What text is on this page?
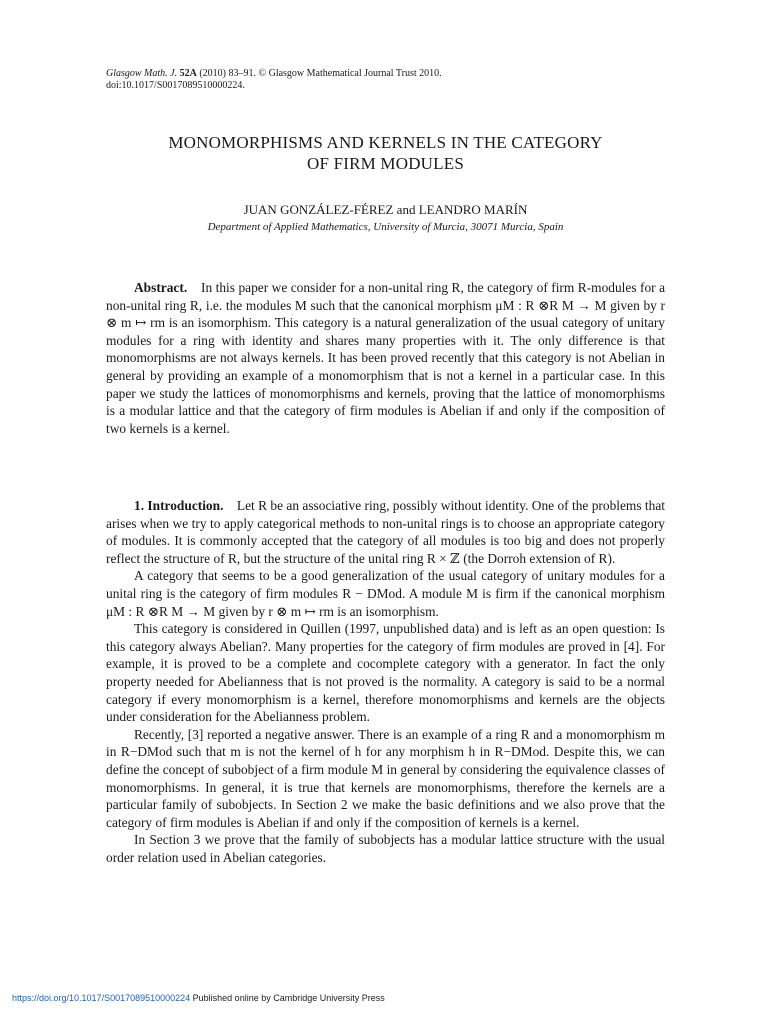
Glasgow Math. J. 52A (2010) 83–91. © Glasgow Mathematical Journal Trust 2010.
doi:10.1017/S0017089510000224.
MONOMORPHISMS AND KERNELS IN THE CATEGORY
OF FIRM MODULES
JUAN GONZÁLEZ-FÉREZ and LEANDRO MARÍN
Department of Applied Mathematics, University of Murcia, 30071 Murcia, Spain

Abstract. In this paper we consider for a non-unital ring R, the category of firm R-modules for a non-unital ring R, i.e. the modules M such that the canonical morphism μM : R ⊗R M → M given by r ⊗ m ↦ rm is an isomorphism. This category is a natural generalization of the usual category of unitary modules for a ring with identity and shares many properties with it. The only difference is that monomorphisms are not always kernels. It has been proved recently that this category is not Abelian in general by providing an example of a monomorphism that is not a kernel in a particular case. In this paper we study the lattices of monomorphisms and kernels, proving that the lattice of monomorphisms is a modular lattice and that the category of firm modules is Abelian if and only if the composition of two kernels is a kernel.

1. Introduction. Let R be an associative ring, possibly without identity. One of the problems that arises when we try to apply categorical methods to non-unital rings is to choose an appropriate category of modules. It is commonly accepted that the category of all modules is too big and does not properly reflect the structure of R, but the structure of the unital ring R × ℤ (the Dorroh extension of R).

A category that seems to be a good generalization of the usual category of unitary modules for a unital ring is the category of firm modules R − DMod. A module M is firm if the canonical morphism μM : R ⊗R M → M given by r ⊗ m ↦ rm is an isomorphism.

This category is considered in Quillen (1997, unpublished data) and is left as an open question: Is this category always Abelian?. Many properties for the category of firm modules are proved in [4]. For example, it is proved to be a complete and cocomplete category with a generator. In fact the only property needed for Abelianness that is not proved is the normality. A category is said to be a normal category if every monomorphism is a kernel, therefore monomorphisms and kernels are the objects under consideration for the Abelianness problem.

Recently, [3] reported a negative answer. There is an example of a ring R and a monomorphism m in R−DMod such that m is not the kernel of h for any morphism h in R−DMod. Despite this, we can define the concept of subobject of a firm module M in general by considering the equivalence classes of monomorphisms. In general, it is true that kernels are monomorphisms, therefore the kernels are a particular family of subobjects. In Section 2 we make the basic definitions and we also prove that the category of firm modules is Abelian if and only if the composition of kernels is a kernel.

In Section 3 we prove that the family of subobjects has a modular lattice structure with the usual order relation used in Abelian categories.

https://doi.org/10.1017/S0017089510000224 Published online by Cambridge University Press
